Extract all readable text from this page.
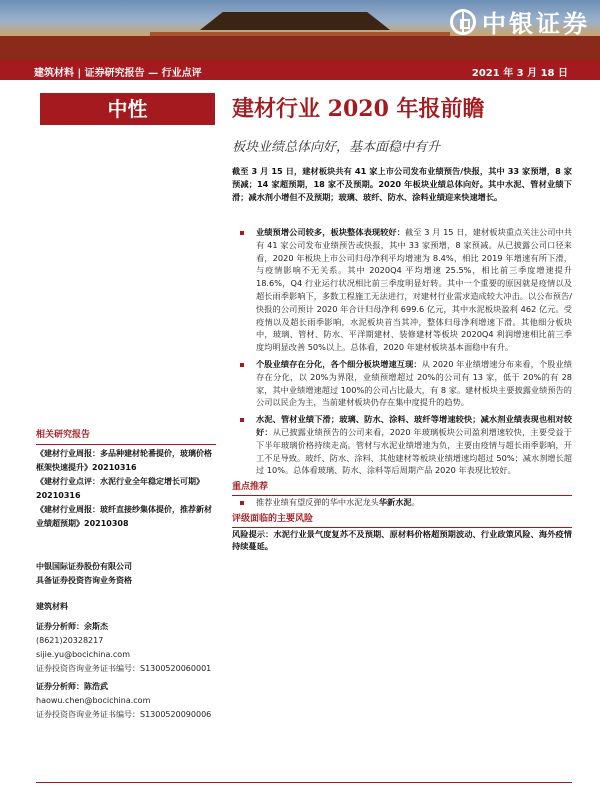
中银证券
建筑材料 | 证券研究报告 — 行业点评	2021 年 3 月 18 日
中性	建材行业 2020 年报前瞻
板块业绩总体向好，基本面稳中有升
截至 3 月 15 日，建材板块共有 41 家上市公司发布业绩预告/快报，其中 33 家预增，8 家预减；14 家超预期，18 家不及预期。2020 年板块业绩总体向好。其中水泥、管材业绩下滑；减水剂小增但不及预期；玻璃、玻纤、防水、涂料业绩迎来快速增长。
业绩预增公司较多，板块整体表现较好：截至 3 月 15 日，建材板块重点关注公司中共有 41 家公司发布业绩预告或快报，其中 33 家预增，8 家预减。从已披露公司口径来看，2020 年板块上市公司归母净利平均增速为 8.4%，相比 2019 年增速有所下滑，与疫情影响不无关系。其中 2020Q4 平均增速 25.5%，相比前三季度增速提升 18.6%，Q4 行业运行状况相比前三季度明显好转。其中一个重要的原因就是疫情以及超长雨季影响下，多数工程施工无法进行，对建材行业需求造成较大冲击。以公布预告/快报的公司预计 2020 年合计归母净利 699.6 亿元，其中水泥板块盈利 462 亿元。受疫情以及超长雨季影响，水泥板块首当其冲，整体归母净利增速下滑。其他细分板块中，玻璃、管材、防水、平洋期建材、装修建材等板块 2020Q4 利润增速相比前三季度均明显改善 50%以上。总体看，2020 年建材板块基本面稳中有升。
个股业绩存在分化，各个细分板块增速互现：从 2020 年业绩增速分布来看，个股业绩存在分化，以 20%为界限，业绩预增超过 20%的公司有 13 家，低于 20%的有 28 家，其中业绩增速超过 100%的公司占比最大，有 8 家。建材板块主要披露业绩预告的公司以民企为主，当前建材板块仍存在集中度提升的趋势。
水泥、管材业绩下滑；玻璃、防水、涂料、玻纤等增速较快；减水剂业绩表现也相对较好：从已披露业绩预告的公司来看，2020 年玻璃板块公司盈利增速较快，主要受益于下半年玻璃价格持续走高。管材与水泥业绩增速为负，主要由疫情与超长雨季影响，开工不足导致。玻纤、防水、涂料、其他建材等板块业绩增速均超过 50%；减水剂增长超过 10%。总体看玻璃、防水、涂料等后周期产品 2020 年表现比较好。
重点推荐
推荐业绩有望反弹的华中水泥龙头华新水泥。
评级面临的主要风险
风险提示：水泥行业景气度复苏不及预期、原材料价格超预期波动、行业政策风险、海外疫情持续蔓延。
相关研究报告
《建材行业周报：多品种建材轮番提价，玻璃价格框架快速提升》20210316
《建材行业点评：水泥行业全年稳定增长可期》20210316
《建材行业周报：玻纤直接纱集体提价，推荐新材业绩超预期》20210308
中银国际证券股份有限公司
具备证券投资咨询业务资格
建筑材料
证券分析师：余斯杰
(8621)20328217
sijie.yu@bocichina.com
证券投资咨询业务证书编号：S1300520060001
证券分析师：陈浩武
haowu.chen@bocichina.com
证券投资咨询业务证书编号：S1300520090006
